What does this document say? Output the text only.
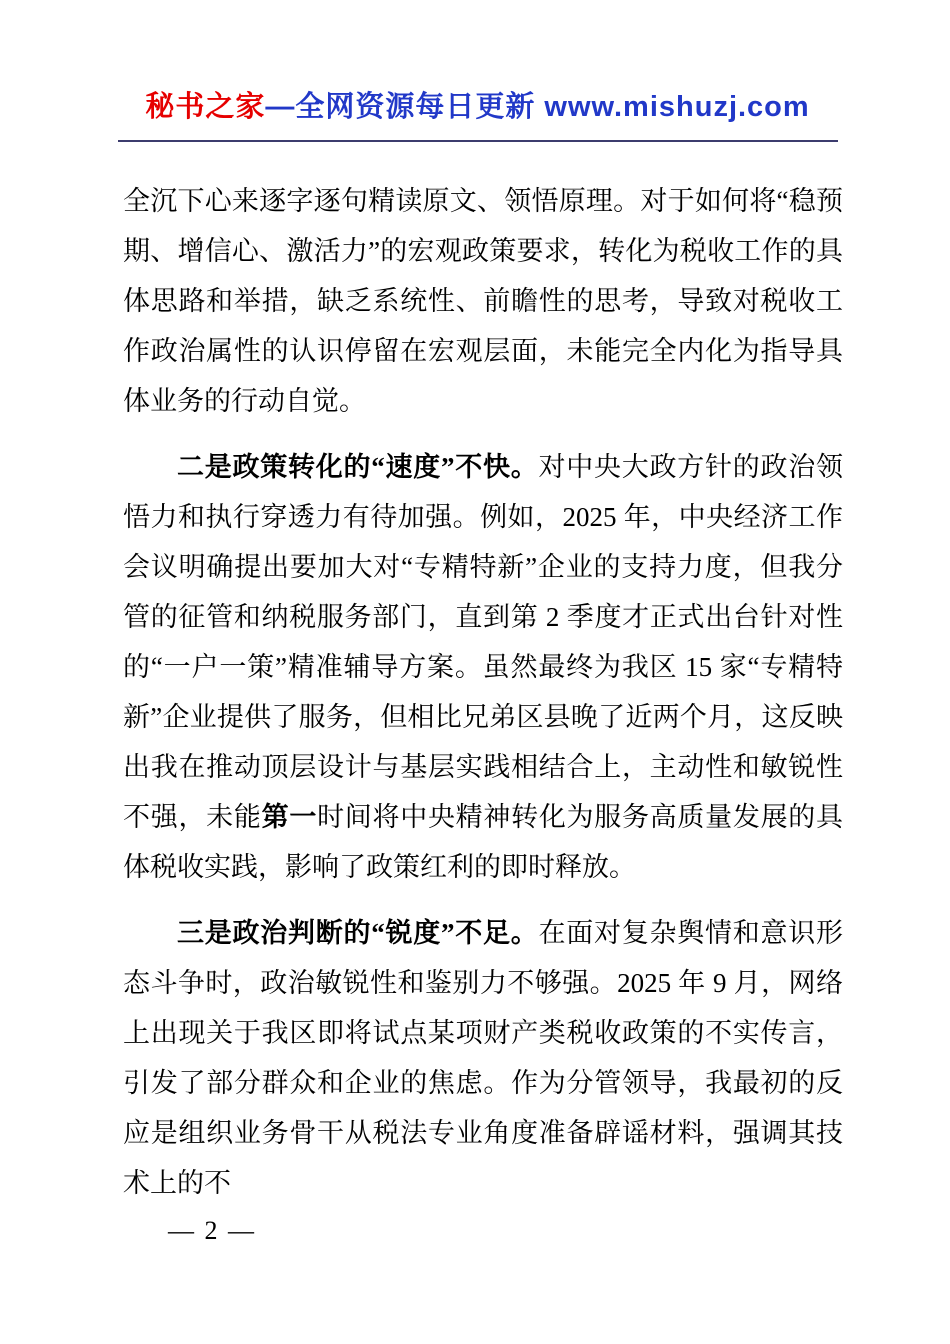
秘书之家—全网资源每日更新 www.mishuzj.com

全沉下心来逐字逐句精读原文、领悟原理。对于如何将“稳预期、增信心、激活力”的宏观政策要求，转化为税收工作的具体思路和举措，缺乏系统性、前瞻性的思考，导致对税收工作政治属性的认识停留在宏观层面，未能完全内化为指导具体业务的行动自觉。

二是政策转化的“速度”不快。对中央大政方针的政治领悟力和执行穿透力有待加强。例如，2025 年，中央经济工作会议明确提出要加大对“专精特新”企业的支持力度，但我分管的征管和纳税服务部门，直到第 2 季度才正式出台针对性的“一户一策”精准辅导方案。虽然最终为我区 15 家“专精特新”企业提供了服务，但相比兄弟区县晚了近两个月，这反映出我在推动顶层设计与基层实践相结合上，主动性和敏锐性不强，未能第一时间将中央精神转化为服务高质量发展的具体税收实践，影响了政策红利的即时释放。

三是政治判断的“锐度”不足。在面对复杂舆情和意识形态斗争时，政治敏锐性和鉴别力不够强。2025 年 9 月，网络上出现关于我区即将试点某项财产类税收政策的不实传言，引发了部分群众和企业的焦虑。作为分管领导，我最初的反应是组织业务骨干从税法专业角度准备辟谣材料，强调其技术上的不

— 2 —
